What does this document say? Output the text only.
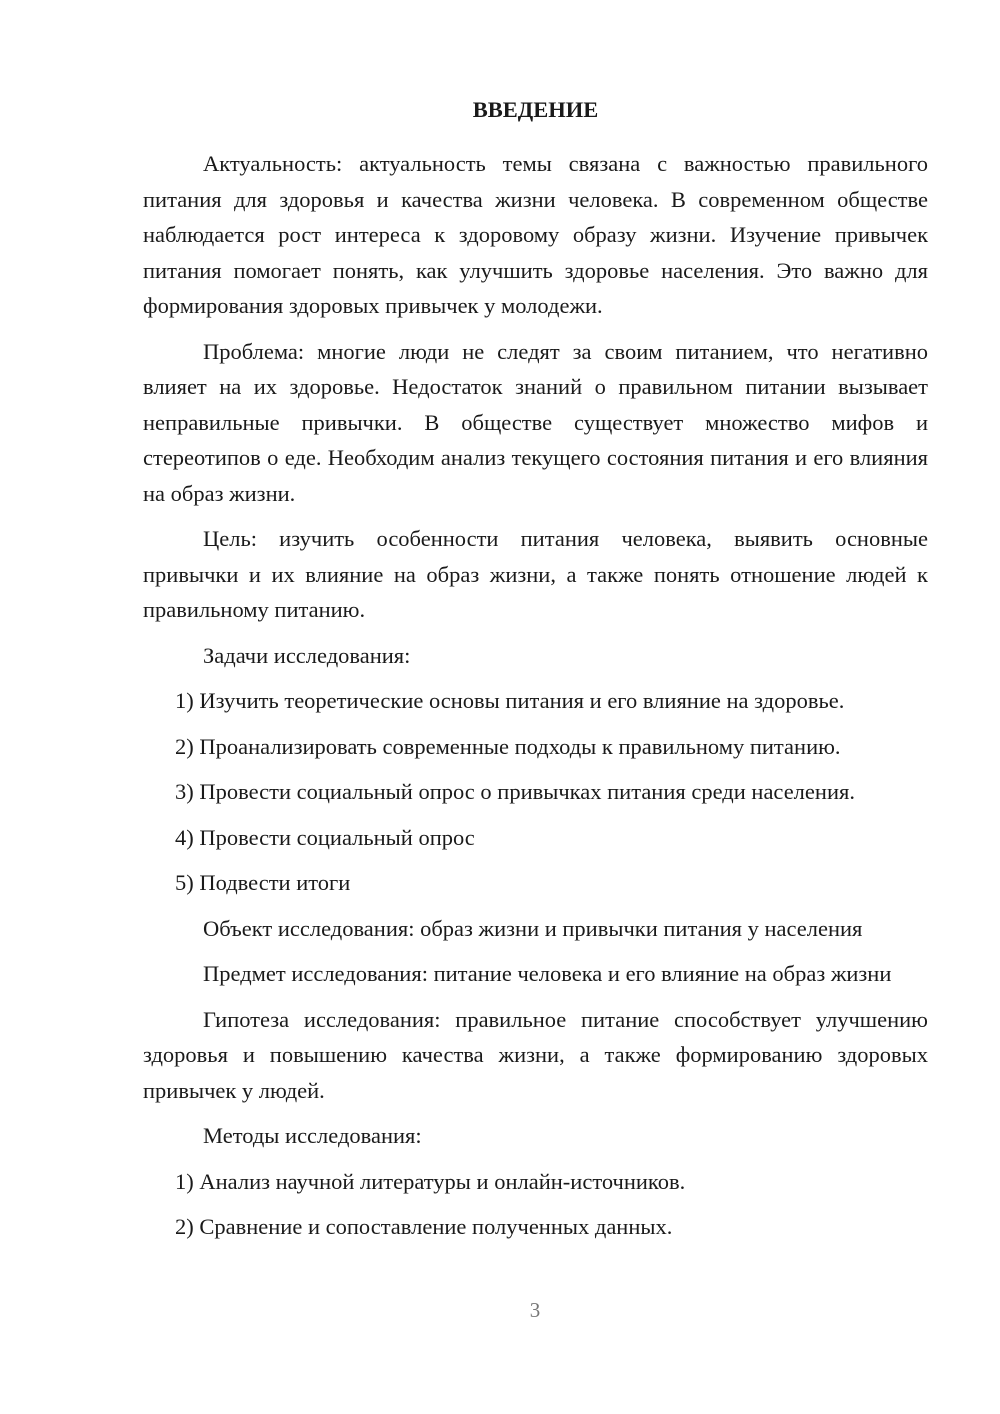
ВВЕДЕНИЕ

Актуальность: актуальность темы связана с важностью правильного питания для здоровья и качества жизни человека. В современном обществе наблюдается рост интереса к здоровому образу жизни. Изучение привычек питания помогает понять, как улучшить здоровье населения. Это важно для формирования здоровых привычек у молодежи.

Проблема: многие люди не следят за своим питанием, что негативно влияет на их здоровье. Недостаток знаний о правильном питании вызывает неправильные привычки. В обществе существует множество мифов и стереотипов о еде. Необходим анализ текущего состояния питания и его влияния на образ жизни.

Цель: изучить особенности питания человека, выявить основные привычки и их влияние на образ жизни, а также понять отношение людей к правильному питанию.

Задачи исследования:

1) Изучить теоретические основы питания и его влияние на здоровье.
2) Проанализировать современные подходы к правильному питанию.
3) Провести социальный опрос о привычках питания среди населения.
4) Провести социальный опрос
5) Подвести итоги

Объект исследования: образ жизни и привычки питания у населения

Предмет исследования: питание человека и его влияние на образ жизни

Гипотеза исследования: правильное питание способствует улучшению здоровья и повышению качества жизни, а также формированию здоровых привычек у людей.

Методы исследования:

1) Анализ научной литературы и онлайн-источников.
2) Сравнение и сопоставление полученных данных.
3
